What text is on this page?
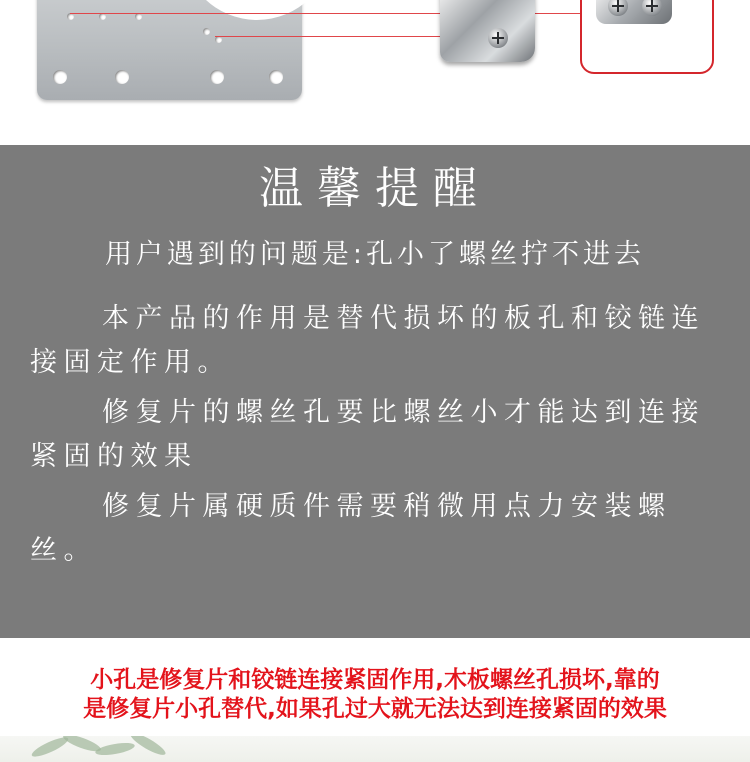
温馨提醒
用户遇到的问题是:孔小了螺丝拧不进去
本产品的作用是替代损坏的板孔和铰链连接固定作用。
修复片的螺丝孔要比螺丝小才能达到连接紧固的效果
修复片属硬质件需要稍微用点力安装螺丝。
小孔是修复片和铰链连接紧固作用,木板螺丝孔损坏,靠的
是修复片小孔替代,如果孔过大就无法达到连接紧固的效果
